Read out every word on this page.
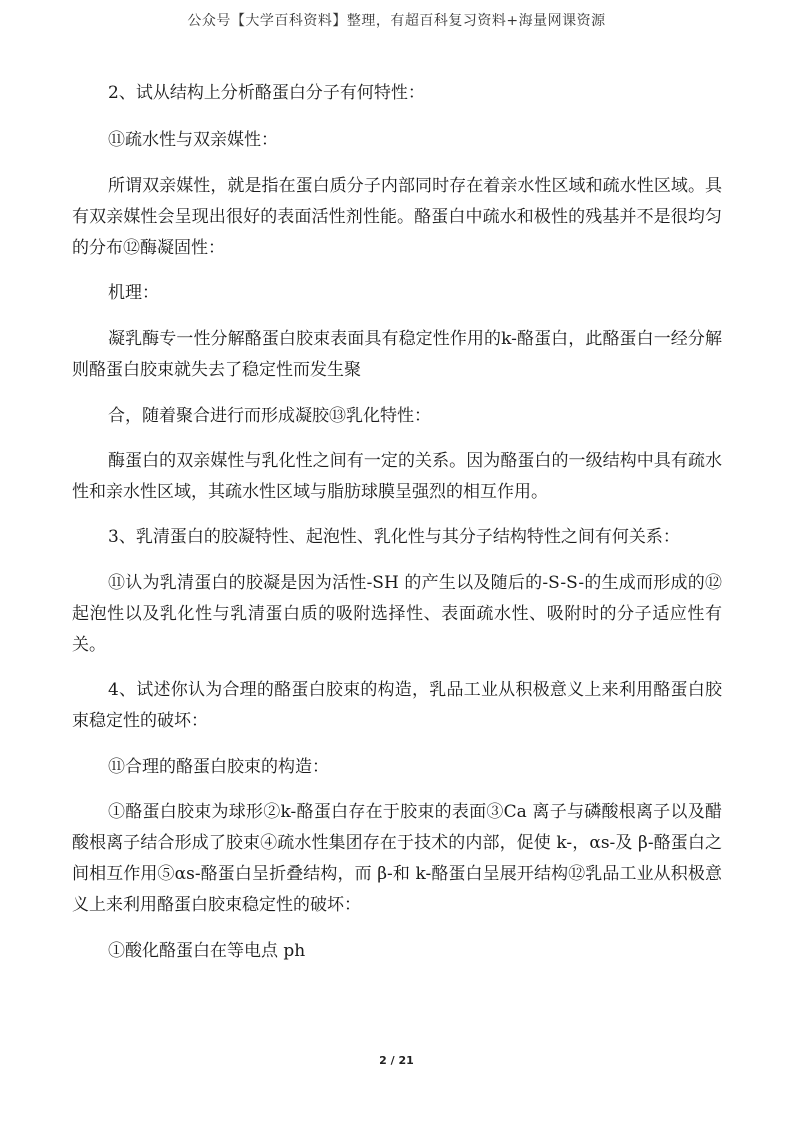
公众号【大学百科资料】整理，有超百科复习资料+海量网课资源

2、试从结构上分析酪蛋白分子有何特性：

⑪疏水性与双亲媒性：

所谓双亲媒性，就是指在蛋白质分子内部同时存在着亲水性区域和疏水性区域。具有双亲媒性会呈现出很好的表面活性剂性能。酪蛋白中疏水和极性的残基并不是很均匀的分布⑫酶凝固性：

机理：

凝乳酶专一性分解酪蛋白胶束表面具有稳定性作用的k-酪蛋白，此酪蛋白一经分解则酪蛋白胶束就失去了稳定性而发生聚

合，随着聚合进行而形成凝胶⑬乳化特性：

酶蛋白的双亲媒性与乳化性之间有一定的关系。因为酪蛋白的一级结构中具有疏水性和亲水性区域，其疏水性区域与脂肪球膜呈强烈的相互作用。

3、乳清蛋白的胶凝特性、起泡性、乳化性与其分子结构特性之间有何关系：

⑪认为乳清蛋白的胶凝是因为活性-SH 的产生以及随后的-S-S-的生成而形成的⑫起泡性以及乳化性与乳清蛋白质的吸附选择性、表面疏水性、吸附时的分子适应性有关。

4、试述你认为合理的酪蛋白胶束的构造，乳品工业从积极意义上来利用酪蛋白胶束稳定性的破坏：

⑪合理的酪蛋白胶束的构造：

①酪蛋白胶束为球形②k-酪蛋白存在于胶束的表面③Ca 离子与磷酸根离子以及醋酸根离子结合形成了胶束④疏水性集团存在于技术的内部，促使 k-，αs-及 β-酪蛋白之间相互作用⑤αs-酪蛋白呈折叠结构，而 β-和 k-酪蛋白呈展开结构⑫乳品工业从积极意义上来利用酪蛋白胶束稳定性的破坏：

①酸化酪蛋白在等电点 ph

2 / 21
